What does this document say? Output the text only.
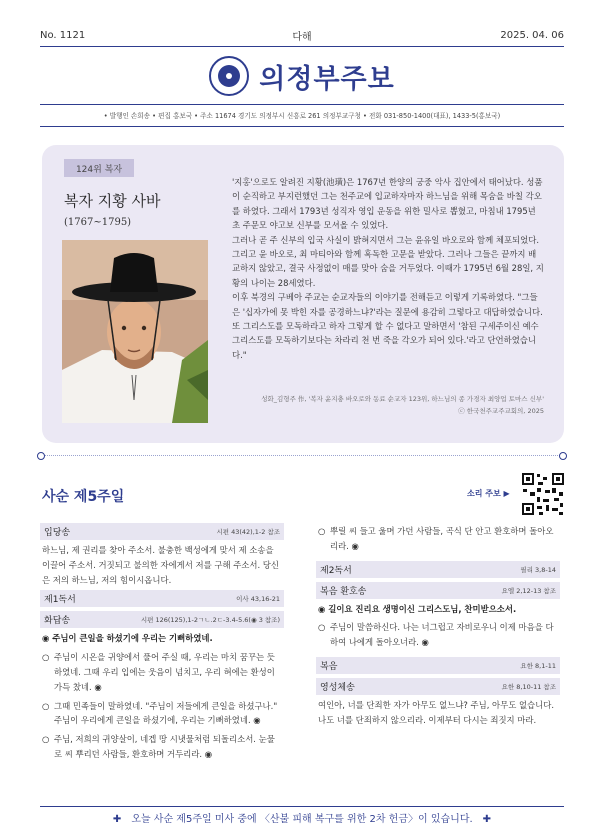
No. 1121	다해	2025. 04. 06
의정부주보
• 발행인 손희송 • 편집 홍보국 • 주소 11674 경기도 의정부시 신흥로 261 의정부교구청 • 전화 031-850-1400(대표), 1433-5(홍보국)
124위 복자
복자 지황 사바
(1767~1795)

'지홍'으로도 알려진 지황(池璜)은 1767년 한양의 궁중 악사 집안에서 태어났다. 성품이 순직하고 부지런했던 그는 천주교에 입교하자마자 하느님을 위해 목숨을 바칠 각오를 하였다. 그래서 1793년 성직자 영입 운동을 위한 밀사로 뽑혔고, 마침내 1795년 초 주문모 야고보 신부를 모셔올 수 있었다.

그러나 곧 주 신부의 입국 사실이 밝혀지면서 그는 윤유일 바오로와 함께 체포되었다. 그리고 윤 바오로, 최 마티아와 함께 혹독한 고문을 받았다. 그러나 그들은 끝까지 배교하지 않았고, 결국 사정없이 매를 맞아 숨을 거두었다. 이때가 1795년 6월 28일, 지황의 나이는 28세였다.

이후 북경의 구베아 주교는 순교자들의 이야기를 전해듣고 이렇게 기록하였다. "그들은 '십자가에 못 박힌 자를 공경하느냐?'라는 질문에 용감히 그렇다고 대답하였습니다. 또 그리스도를 모독하라고 하자 그렇게 할 수 없다고 말하면서 '참된 구세주이신 예수 그리스도를 모독하기보다는 차라리 천 번 죽을 각오가 되어 있다.'라고 단언하였습니다."

성화_김형주 作, '복자 윤지충 바오로와 동료 순교자 123위, 하느님의 종 가경자 최양업 토마스 신부'
ⓒ 한국천주교주교회의, 2025
사순 제5주일	소리 주보 ▶
입당송	시편 43(42),1-2 참조
하느님, 제 권리를 찾아 주소서. 불충한 백성에게 맞서 제 소송을 이끌어 주소서. 거짓되고 불의한 자에게서 저를 구해 주소서. 당신은 저의 하느님, 저의 힘이시옵니다.
제1독서	이사 43,16-21
화답송	시편 126(125),1-2ㄱㄴ.2ㄷ-3.4-5.6(◉ 3 참조)
◉ 주님이 큰일을 하셨기에 우리는 기뻐하였네.
○ 주님이 시온을 귀양에서 풀어 주실 때, 우리는 마치 꿈꾸는 듯하였네. 그때 우리 입에는 웃음이 넘치고, 우리 혀에는 환성이 가득 찼네. ◉
○ 그때 민족들이 말하였네. "주님이 저들에게 큰일을 하셨구나." 주님이 우리에게 큰일을 하셨기에, 우리는 기뻐하였네. ◉
○ 주님, 저희의 귀양살이, 네겝 땅 시냇물처럼 되돌리소서. 눈물로 씨 뿌리던 사람들, 환호하며 거두리라. ◉
○ 뿌릴 씨 들고 울며 가던 사람들, 곡식 단 안고 환호하며 돌아오리라. ◉
제2독서	필리 3,8-14
복음 환호송	요엘 2,12-13 참조
◉ 길이요 진리요 생명이신 그리스도님, 찬미받으소서.
○ 주님이 말씀하신다. 나는 너그럽고 자비로우니 이제 마음을 다하여 나에게 돌아오너라. ◉
복음	요한 8,1-11
영성체송	요한 8,10-11 참조
여인아, 너를 단죄한 자가 아무도 없느냐? 주님, 아무도 없습니다. 나도 너를 단죄하지 않으리라. 이제부터 다시는 죄짓지 마라.
✚ 오늘 사순 제5주일 미사 중에 〈산불 피해 복구를 위한 2차 헌금〉이 있습니다. ✚
